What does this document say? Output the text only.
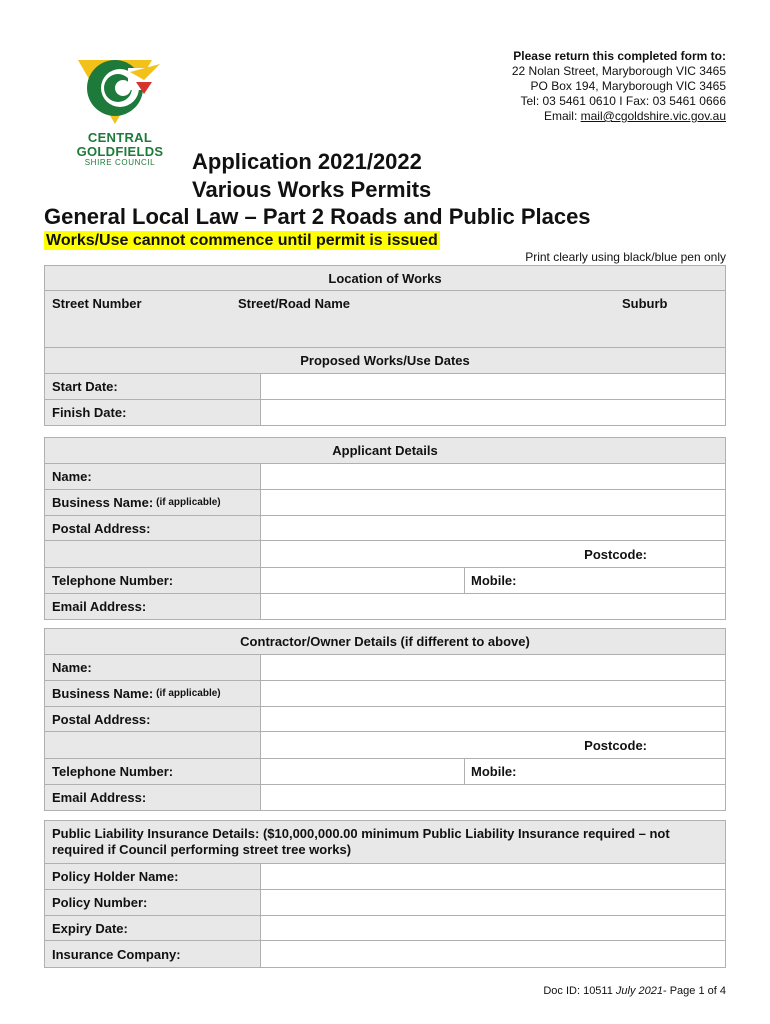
CENTRAL
GOLDFIELDS
SHIRE COUNCIL
Please return this completed form to:
22 Nolan Street, Maryborough VIC 3465
PO Box 194, Maryborough VIC 3465
Tel: 03 5461 0610 I Fax: 03 5461 0666
Email: mail@cgoldshire.vic.gov.au
Application 2021/2022
Various Works Permits
General Local Law – Part 2 Roads and Public Places
Works/Use cannot commence until permit is issued
Print clearly using black/blue pen only
Location of Works
Street Number	Street/Road Name	Suburb
Proposed Works/Use Dates
Start Date:
Finish Date:
Applicant Details
Name:
Business Name: (if applicable)
Postal Address:
Postcode:
Telephone Number:	Mobile:
Email Address:
Contractor/Owner Details (if different to above)
Name:
Business Name: (if applicable)
Postal Address:
Postcode:
Telephone Number:	Mobile:
Email Address:
Public Liability Insurance Details: ($10,000,000.00 minimum Public Liability Insurance required – not required if Council performing street tree works)
Policy Holder Name:
Policy Number:
Expiry Date:
Insurance Company:
Doc ID: 10511 July 2021- Page 1 of 4
